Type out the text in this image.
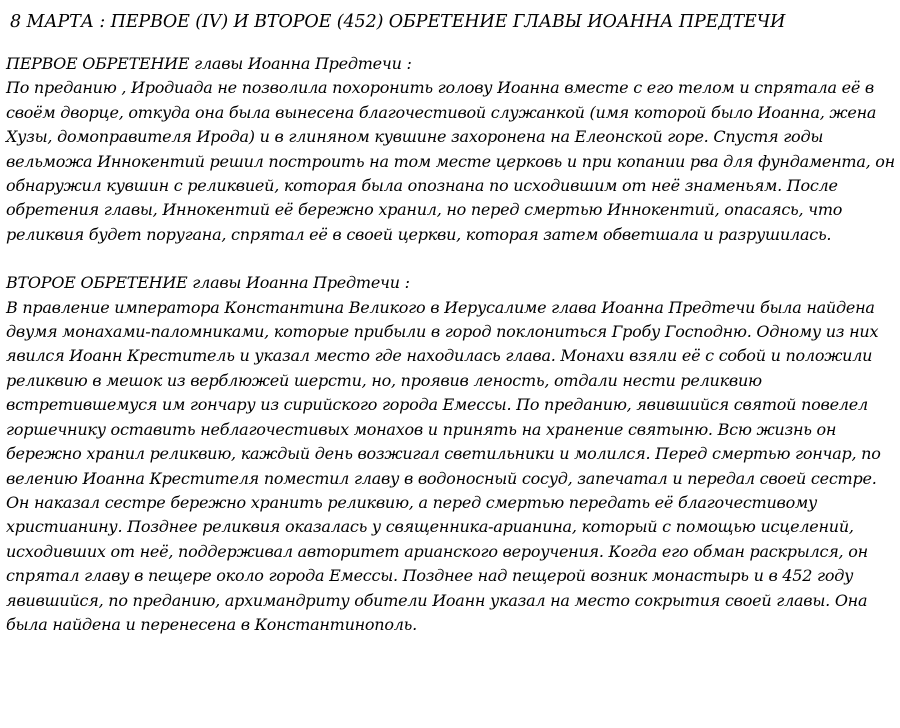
8 МАРТА : ПЕРВОЕ (IV) И ВТОРОЕ (452) ОБРЕТЕНИЕ ГЛАВЫ ИОАННА ПРЕДТЕЧИ
ПЕРВОЕ ОБРЕТЕНИЕ главы Иоанна Предтечи :
По преданию , Иродиада не позволила похоронить голову Иоанна вместе с его телом и спрятала её в своём дворце, откуда она была вынесена благочестивой служанкой (имя которой было Иоанна, жена Хузы, домоправителя Ирода) и в глиняном кувшине захоронена на Елеонской горе. Спустя годы вельможа Иннокентий решил построить на том месте церковь и при копании рва для фундамента, он обнаружил кувшин с реликвией, которая была опознана по исходившим от неё знаменьям. После обретения главы, Иннокентий её бережно хранил, но перед смертью Иннокентий, опасаясь, что реликвия будет поругана, спрятал её в своей церкви, которая затем обветшала и разрушилась.
ВТОРОЕ ОБРЕТЕНИЕ главы Иоанна Предтечи :
В правление императора Константина Великого в Иерусалиме глава Иоанна Предтечи была найдена двумя монахами-паломниками, которые прибыли в город поклониться Гробу Господню. Одному из них явился Иоанн Креститель и указал место где находилась глава. Монахи взяли её с собой и положили реликвию в мешок из верблюжей шерсти, но, проявив леность, отдали нести реликвию встретившемуся им гончару из сирийского города Емессы. По преданию, явившийся святой повелел горшечнику оставить неблагочестивых монахов и принять на хранение святыню. Всю жизнь он бережно хранил реликвию, каждый день возжигал светильники и молился. Перед смертью гончар, по велению Иоанна Крестителя поместил главу в водоносный сосуд, запечатал и передал своей сестре. Он наказал сестре бережно хранить реликвию, а перед смертью передать её благочестивому христианину. Позднее реликвия оказалась у священника-арианина, который с помощью исцелений, исходивших от неё, поддерживал авторитет арианского вероучения. Когда его обман раскрылся, он спрятал главу в пещере около города Емессы. Позднее над пещерой возник монастырь и в 452 году явившийся, по преданию, архимандриту обители Иоанн указал на место сокрытия своей главы. Она была найдена и перенесена в Константинополь.
